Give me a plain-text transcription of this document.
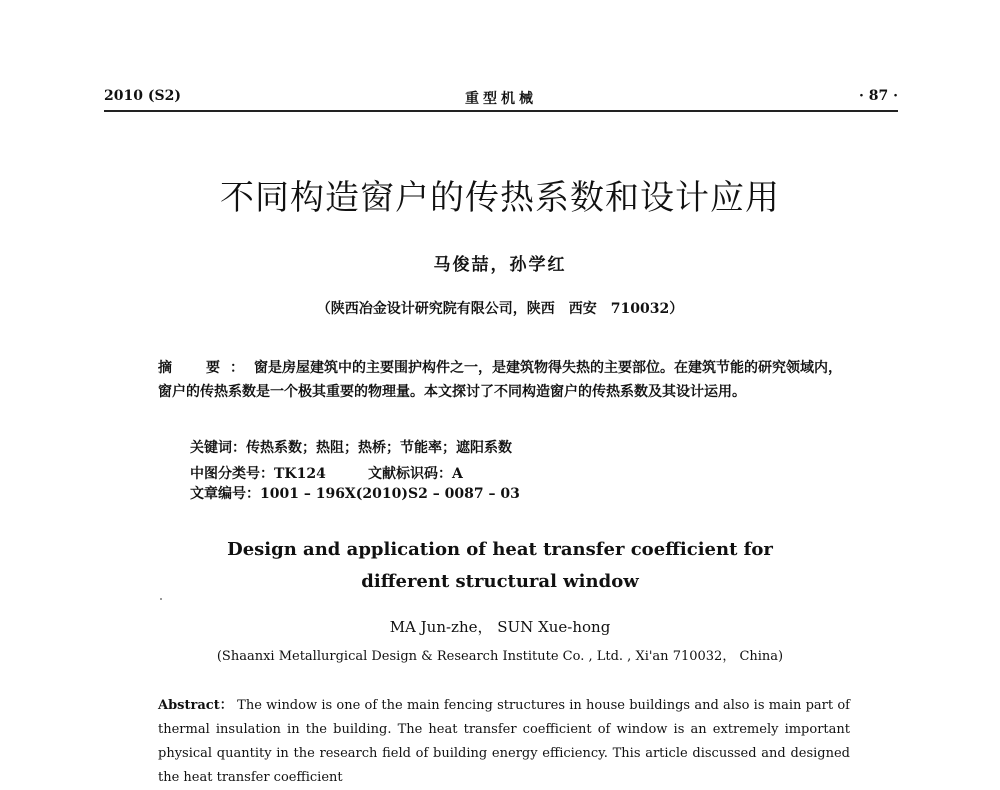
2010 (S2)	重型机械	· 87 ·
不同构造窗户的传热系数和设计应用
马俊喆，孙学红
（陕西冶金设计研究院有限公司，陕西　西安　710032）
摘　要：窗是房屋建筑中的主要围护构件之一，是建筑物得失热的主要部位。在建筑节能的研究领域内，窗户的传热系数是一个极其重要的物理量。本文探讨了不同构造窗户的传热系数及其设计运用。
关键词：传热系数；热阻；热桥；节能率；遮阳系数
中图分类号：TK124	文献标识码：A文章编号：1001 – 196X(2010)S2 – 0087 – 03
Design and application of heat transfer coefficient for
different structural window
MA Jun-zhe， SUN Xue-hong
(Shaanxi Metallurgical Design & Research Institute Co. , Ltd. , Xi'an 710032， China)
Abstract： The window is one of the main fencing structures in house buildings and also is main part of thermal insulation in the building. The heat transfer coefficient of window is an extremely important physical quantity in the research field of building energy efficiency. This article discussed and designed the heat transfer coefficient
